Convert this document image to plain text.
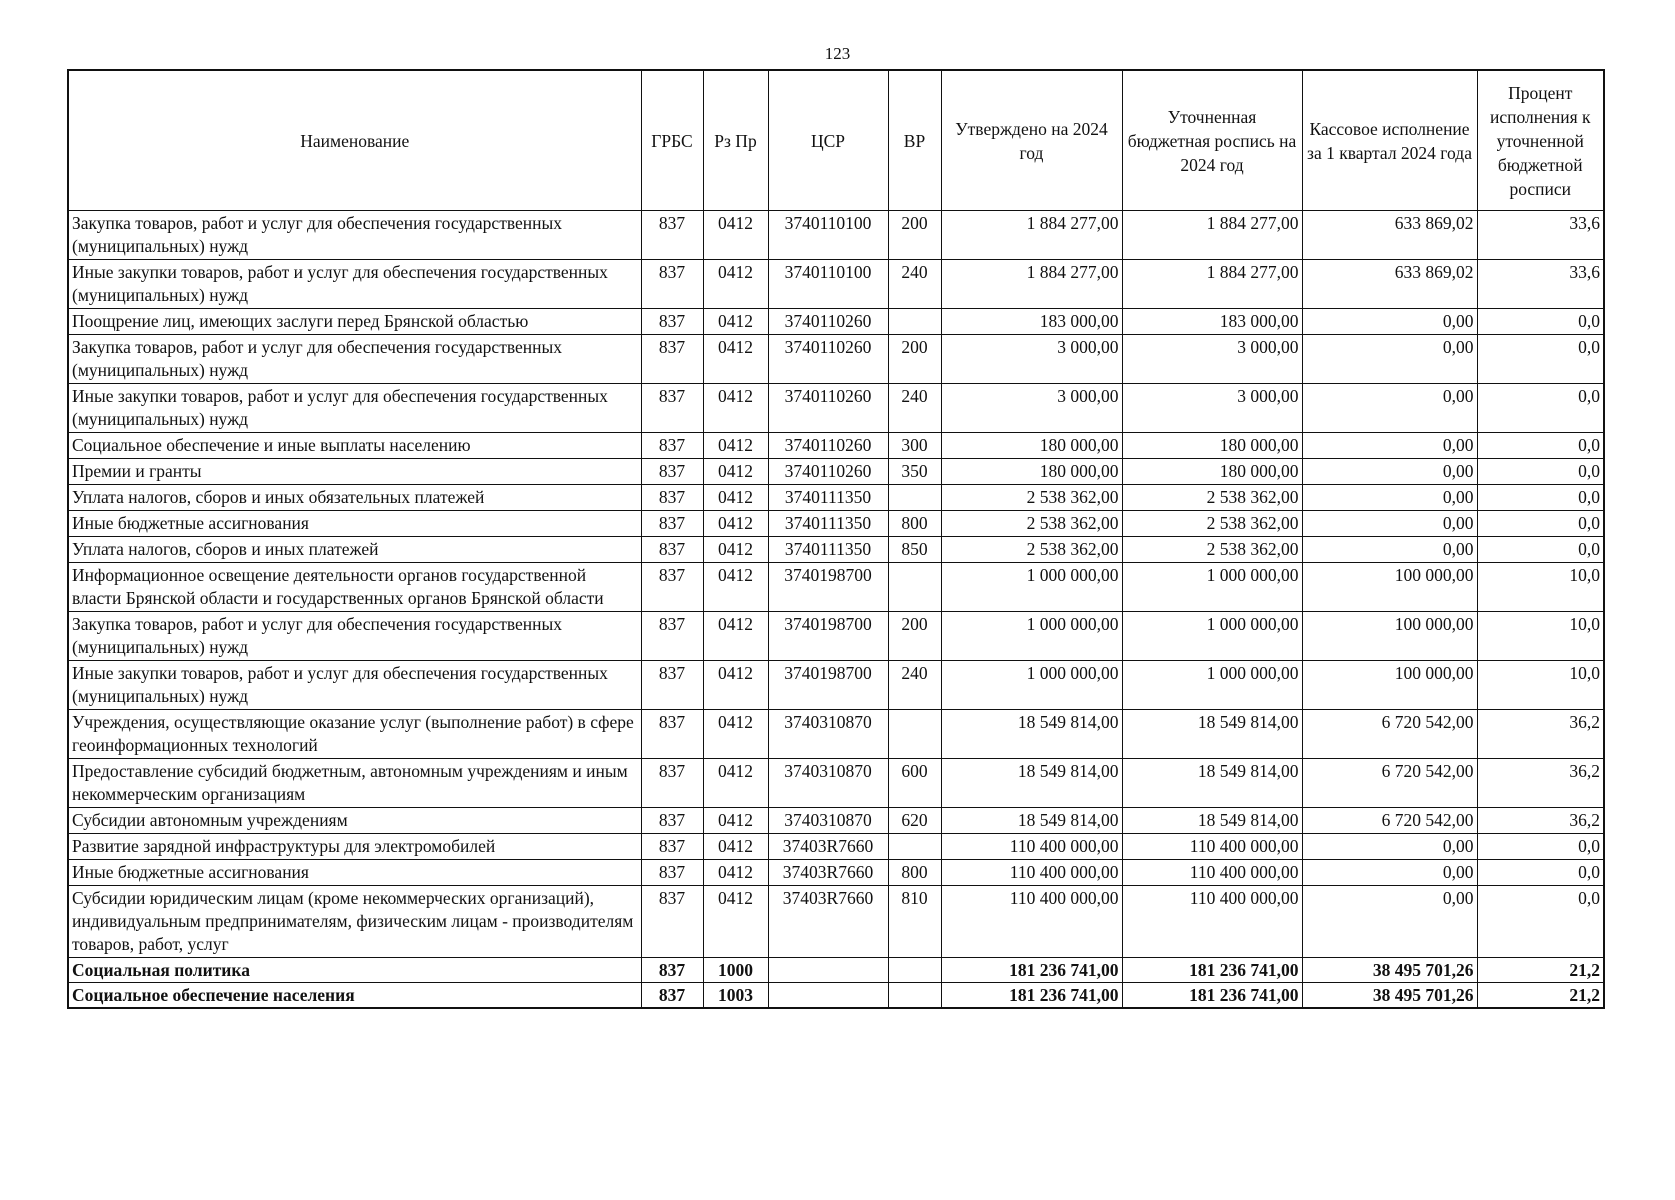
123
Наименование	ГРБС	Рз Пр	ЦСР	ВР	Утверждено на 2024 год	Уточненная бюджетная роспись на 2024 год	Кассовое исполнение за 1 квартал 2024 года	Процент исполнения к уточненной бюджетной росписи
Закупка товаров, работ и услуг для обеспечения государственных (муниципальных) нужд	837	0412	3740110100	200	1 884 277,00	1 884 277,00	633 869,02	33,6
Иные закупки товаров, работ и услуг для обеспечения государственных (муниципальных) нужд	837	0412	3740110100	240	1 884 277,00	1 884 277,00	633 869,02	33,6
Поощрение лиц, имеющих заслуги перед Брянской областью	837	0412	3740110260		183 000,00	183 000,00	0,00	0,0
Закупка товаров, работ и услуг для обеспечения государственных (муниципальных) нужд	837	0412	3740110260	200	3 000,00	3 000,00	0,00	0,0
Иные закупки товаров, работ и услуг для обеспечения государственных (муниципальных) нужд	837	0412	3740110260	240	3 000,00	3 000,00	0,00	0,0
Социальное обеспечение и иные выплаты населению	837	0412	3740110260	300	180 000,00	180 000,00	0,00	0,0
Премии и гранты	837	0412	3740110260	350	180 000,00	180 000,00	0,00	0,0
Уплата налогов, сборов и иных обязательных платежей	837	0412	3740111350		2 538 362,00	2 538 362,00	0,00	0,0
Иные бюджетные ассигнования	837	0412	3740111350	800	2 538 362,00	2 538 362,00	0,00	0,0
Уплата налогов, сборов и иных платежей	837	0412	3740111350	850	2 538 362,00	2 538 362,00	0,00	0,0
Информационное освещение деятельности органов государственной власти Брянской области и государственных органов Брянской области	837	0412	3740198700		1 000 000,00	1 000 000,00	100 000,00	10,0
Закупка товаров, работ и услуг для обеспечения государственных (муниципальных) нужд	837	0412	3740198700	200	1 000 000,00	1 000 000,00	100 000,00	10,0
Иные закупки товаров, работ и услуг для обеспечения государственных (муниципальных) нужд	837	0412	3740198700	240	1 000 000,00	1 000 000,00	100 000,00	10,0
Учреждения, осуществляющие оказание услуг (выполнение работ) в сфере геоинформационных технологий	837	0412	3740310870		18 549 814,00	18 549 814,00	6 720 542,00	36,2
Предоставление субсидий бюджетным, автономным учреждениям и иным некоммерческим организациям	837	0412	3740310870	600	18 549 814,00	18 549 814,00	6 720 542,00	36,2
Субсидии автономным учреждениям	837	0412	3740310870	620	18 549 814,00	18 549 814,00	6 720 542,00	36,2
Развитие зарядной инфраструктуры для электромобилей	837	0412	37403R7660		110 400 000,00	110 400 000,00	0,00	0,0
Иные бюджетные ассигнования	837	0412	37403R7660	800	110 400 000,00	110 400 000,00	0,00	0,0
Субсидии юридическим лицам (кроме некоммерческих организаций), индивидуальным предпринимателям, физическим лицам - производителям товаров, работ, услуг	837	0412	37403R7660	810	110 400 000,00	110 400 000,00	0,00	0,0
Социальная политика	837	1000			181 236 741,00	181 236 741,00	38 495 701,26	21,2
Социальное обеспечение населения	837	1003			181 236 741,00	181 236 741,00	38 495 701,26	21,2
